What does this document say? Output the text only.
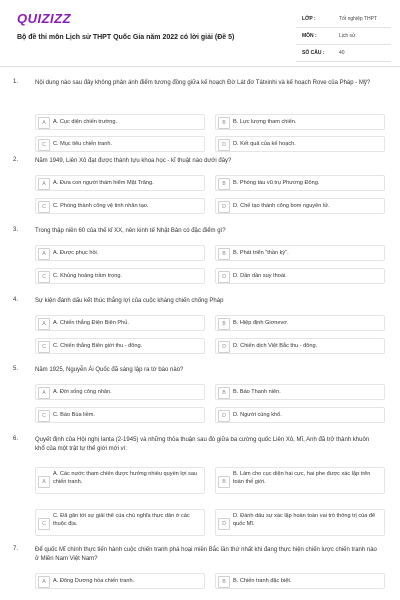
QUIZIZZ
Bộ đề thi môn Lịch sử THPT Quốc Gia năm 2022 có lời giải (Đề 5)
LỚP :	Tốt nghiệp THPT
MÔN :	Lịch sử
SỐ CÂU :	40
1.	Nội dung nào sau đây không phản ánh điểm tương đồng giữa kế hoạch Đờ Lát đơ Tátxinhi và kế hoạch Rove của Pháp - Mỹ?
A	A. Cục diện chiến trường.	B	B. Lực lượng tham chiến.
C	C. Mục tiêu chiến tranh.	D	D. Kết quả của kế hoạch.
2.	Năm 1949, Liên Xô đạt được thành tựu khoa học - kĩ thuật nào dưới đây?
A	A. Đưa con người thám hiểm Mặt Trăng.	B	B. Phóng tàu vũ trụ Phương Đông.
C	C. Phóng thành công vệ tinh nhân tạo.	D	D. Chế tạo thành công bom nguyên tử.
3.	Trong thập niên 60 của thế kỉ XX, nền kinh tế Nhật Bản có đặc điểm gì?
A	A. Được phục hồi.	B	B. Phát triển “thần kỳ”.
C	C. Khủng hoảng trầm trọng.	D	D. Dần dần suy thoái.
4.	Sự kiện đánh dấu kết thúc thắng lợi của cuộc kháng chiến chống Pháp
A	A. Chiến thắng Điện Biên Phủ.	B	B. Hiệp định Giơnevơ.
C	C. Chiến thắng Biên giới thu - đông.	D	D. Chiến dịch Việt Bắc thu - đông.
5.	Năm 1925, Nguyễn Ái Quốc đã sáng lập ra tờ báo nào?
A	A. Đời sống công nhân.	B	B. Báo Thanh niên.
C	C. Báo Búa liềm.	D	D. Người cùng khổ.
6.	Quyết định của Hội nghị Ianta (2-1945) và những thỏa thuận sau đó giữa ba cường quốc Liên Xô, Mĩ, Anh đã trở thành khuôn khổ của một trật tự thế giới mới vì:
A
A. Các nước tham chiến được hưởng nhiều quyền lợi sau chiến tranh.	B
B. Làm cho cục diện hai cực, hai phe được xác lập trên toàn thế giới.
C
C. Đã gắn tới sự giải thể của chủ nghĩa thực dân ở các thuộc địa.	D
D. Đánh dấu sự xác lập hoàn toàn vai trò thống trị của để quốc Mĩ.
7.	Để quốc Mĩ chính thực tiến hành cuộc chiến tranh phá hoại miền Bắc lần thứ nhất khi đang thực hiện chiến lược chiến tranh nào ở Miền Nam Việt Nam?
A	A. Đông Dương hóa chiến tranh.	B	B. Chiến tranh đặc biệt.
